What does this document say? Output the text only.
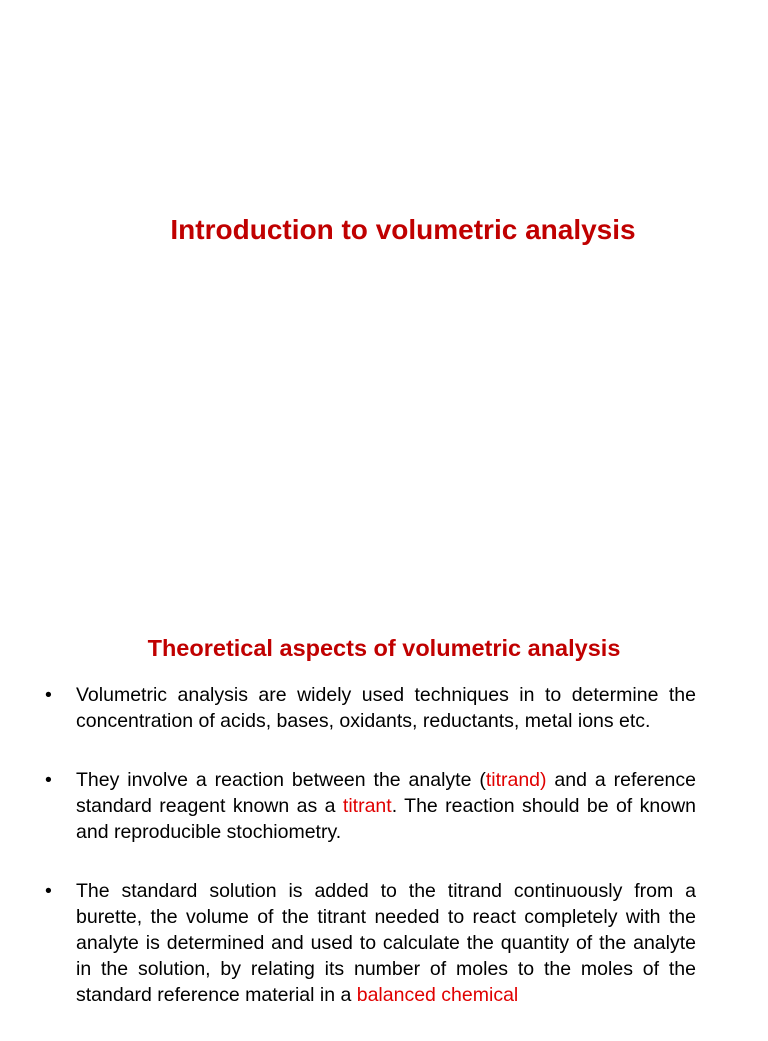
Introduction to volumetric analysis
Theoretical aspects of volumetric analysis
• Volumetric analysis are widely used techniques in to determine the concentration of acids, bases, oxidants, reductants, metal ions etc.

• They involve a reaction between the analyte (titrand) and a reference standard reagent known as a titrant. The reaction should be of known and reproducible stochiometry.

• The standard solution is added to the titrand continuously from a burette, the volume of the titrant needed to react completely with the analyte is determined and used to calculate the quantity of the analyte in the solution, by relating its number of moles to the moles of the standard reference material in a balanced chemical
